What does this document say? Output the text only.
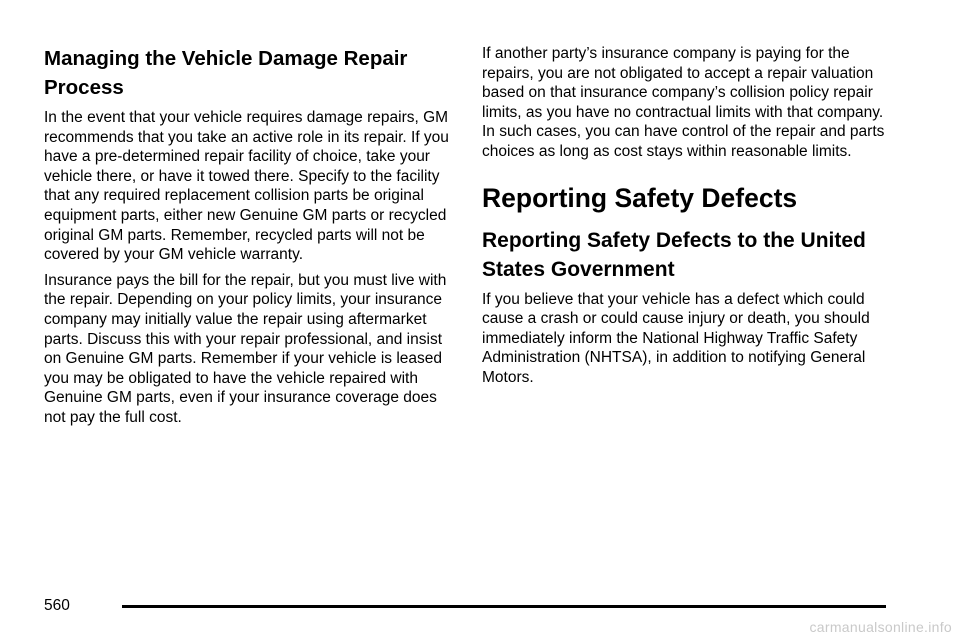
Managing the Vehicle Damage Repair Process

In the event that your vehicle requires damage repairs, GM recommends that you take an active role in its repair. If you have a pre-determined repair facility of choice, take your vehicle there, or have it towed there. Specify to the facility that any required replacement collision parts be original equipment parts, either new Genuine GM parts or recycled original GM parts. Remember, recycled parts will not be covered by your GM vehicle warranty.

Insurance pays the bill for the repair, but you must live with the repair. Depending on your policy limits, your insurance company may initially value the repair using aftermarket parts. Discuss this with your repair professional, and insist on Genuine GM parts. Remember if your vehicle is leased you may be obligated to have the vehicle repaired with Genuine GM parts, even if your insurance coverage does not pay the full cost.

If another party’s insurance company is paying for the repairs, you are not obligated to accept a repair valuation based on that insurance company’s collision policy repair limits, as you have no contractual limits with that company. In such cases, you can have control of the repair and parts choices as long as cost stays within reasonable limits.

Reporting Safety Defects
Reporting Safety Defects to the United States Government

If you believe that your vehicle has a defect which could cause a crash or could cause injury or death, you should immediately inform the National Highway Traffic Safety Administration (NHTSA), in addition to notifying General Motors.

560
carmanualsonline.info
